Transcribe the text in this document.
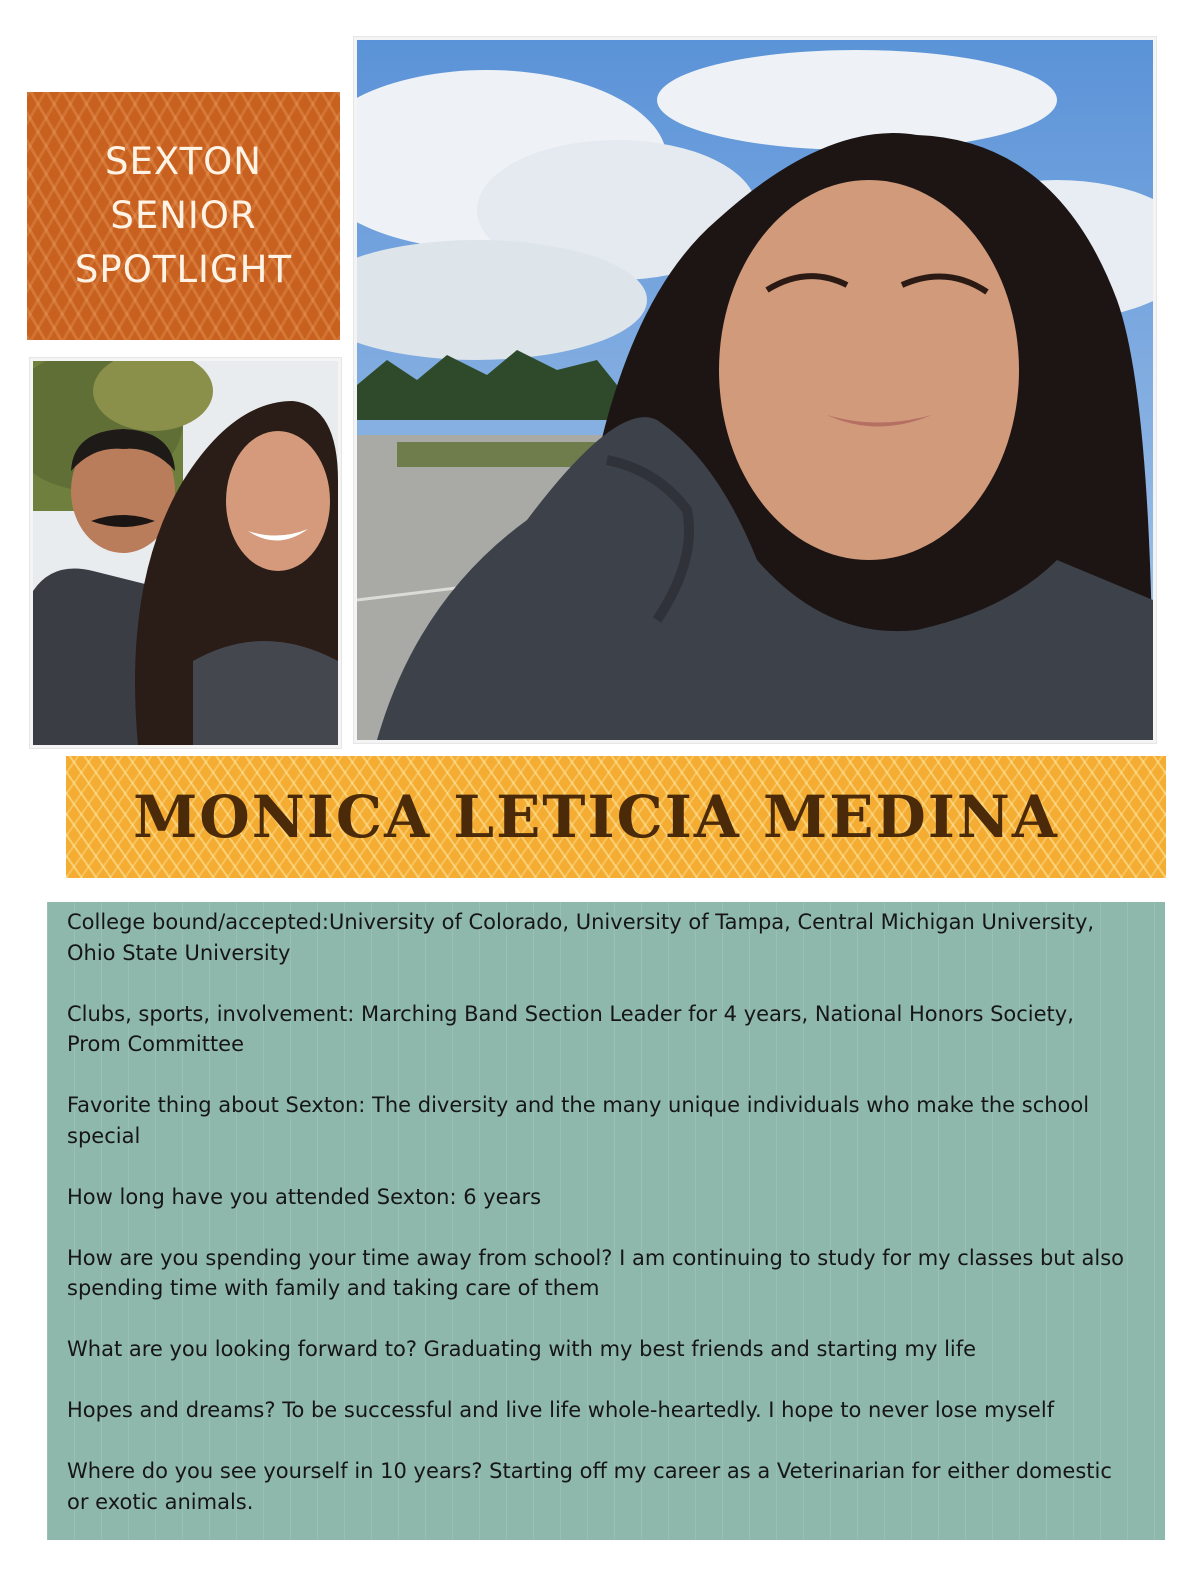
SEXTON
SENIOR
SPOTLIGHT
MONICA LETICIA MEDINA

College bound/accepted:University of Colorado, University of Tampa, Central Michigan University, Ohio State University

Clubs, sports, involvement: Marching Band Section Leader for 4 years, National Honors Society, Prom Committee

Favorite thing about Sexton: The diversity and the many unique individuals who make the school special

How long have you attended Sexton: 6 years

How are you spending your time away from school? I am continuing to study for my classes but also spending time with family and taking care of them

What are you looking forward to? Graduating with my best friends and starting my life

Hopes and dreams? To be successful and live life whole-heartedly. I hope to never lose myself

Where do you see yourself in 10 years? Starting off my career as a Veterinarian for either domestic or exotic animals.
